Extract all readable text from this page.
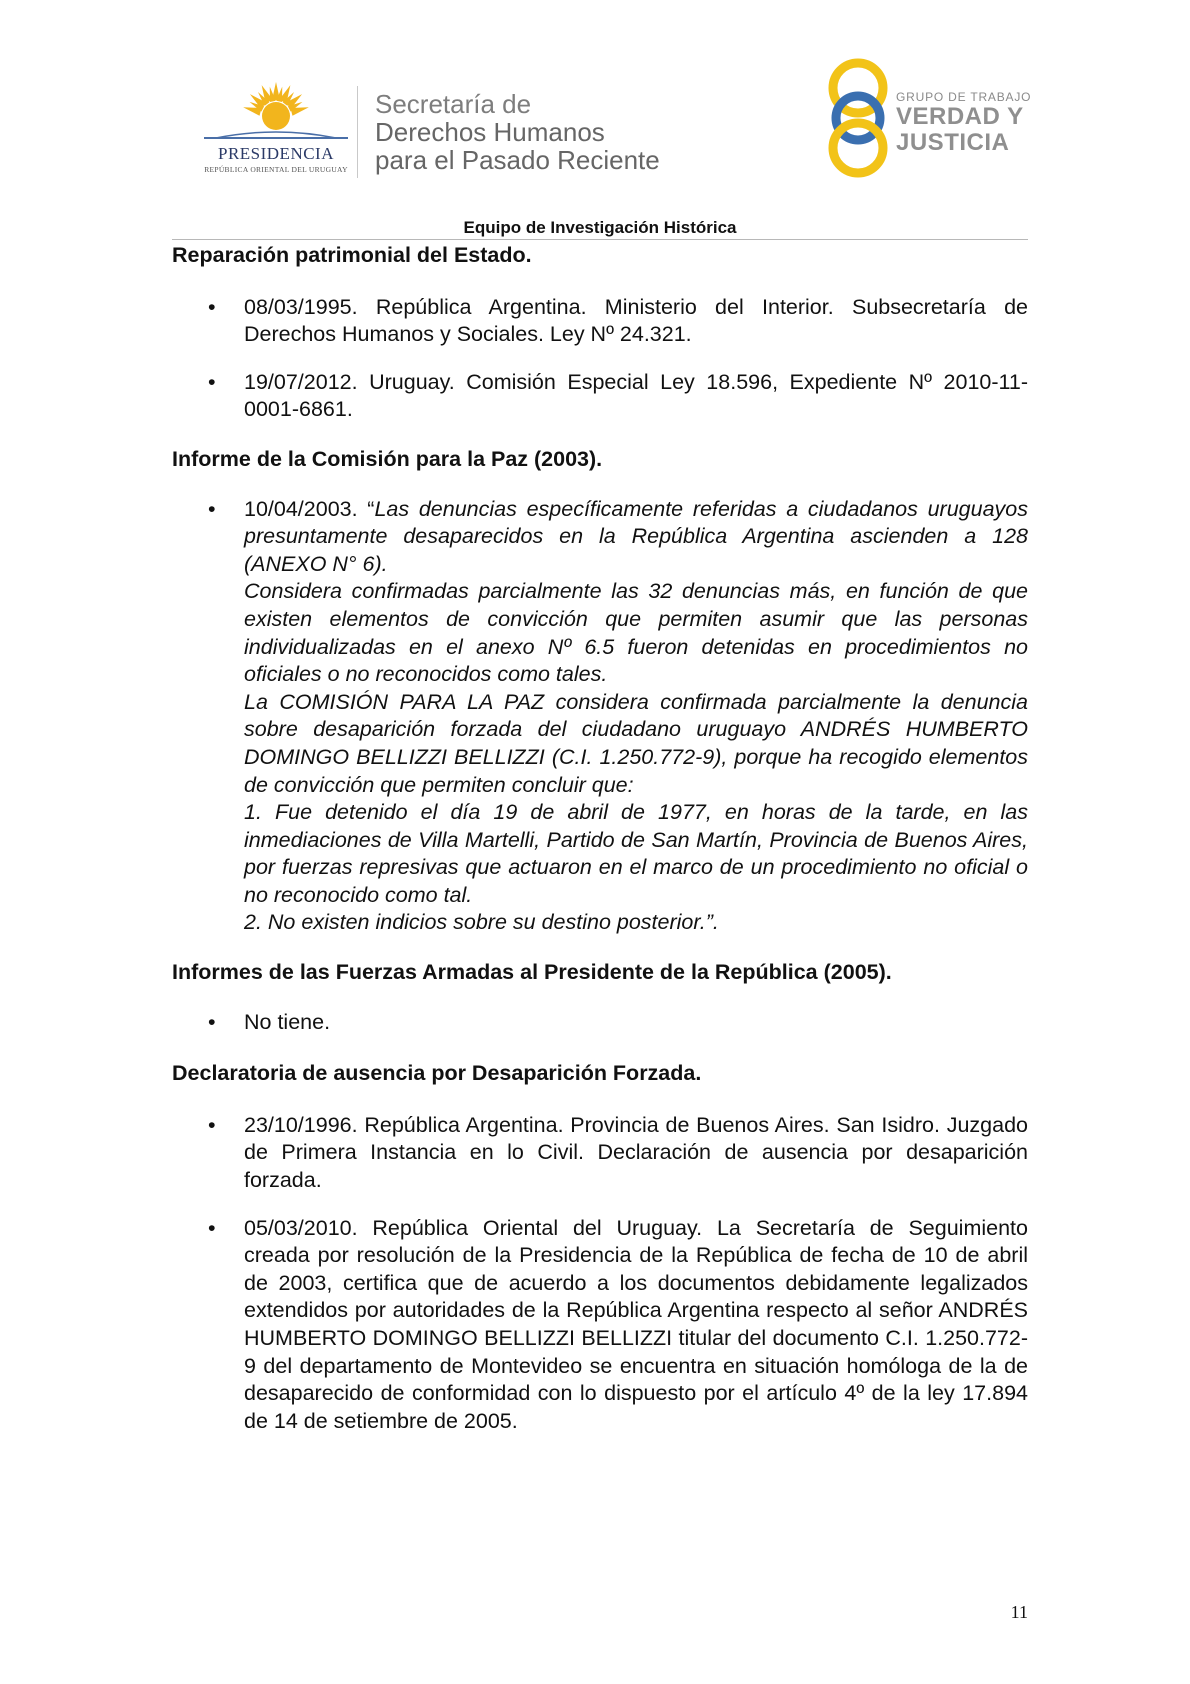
PRESIDENCIA
REPÚBLICA ORIENTAL DEL URUGUAY
Secretaría de
Derechos Humanos
para el Pasado Reciente
GRUPO DE TRABAJO
VERDAD Y
JUSTICIA
Equipo de Investigación Histórica

Reparación patrimonial del Estado.

• 08/03/1995. República Argentina. Ministerio del Interior. Subsecretaría de Derechos Humanos y Sociales. Ley Nº 24.321.
• 19/07/2012. Uruguay. Comisión Especial Ley 18.596, Expediente Nº 2010-11-0001-6861.

Informe de la Comisión para la Paz (2003).

• 10/04/2003. “Las denuncias específicamente referidas a ciudadanos uruguayos presuntamente desaparecidos en la República Argentina ascienden a 128 (ANEXO N° 6).
Considera confirmadas parcialmente las 32 denuncias más, en función de que existen elementos de convicción que permiten asumir que las personas individualizadas en el anexo Nº 6.5 fueron detenidas en procedimientos no oficiales o no reconocidos como tales.
La COMISIÓN PARA LA PAZ considera confirmada parcialmente la denuncia sobre desaparición forzada del ciudadano uruguayo ANDRÉS HUMBERTO DOMINGO BELLIZZI BELLIZZI (C.I. 1.250.772-9), porque ha recogido elementos de convicción que permiten concluir que:
1. Fue detenido el día 19 de abril de 1977, en horas de la tarde, en las inmediaciones de Villa Martelli, Partido de San Martín, Provincia de Buenos Aires, por fuerzas represivas que actuaron en el marco de un procedimiento no oficial o no reconocido como tal.
2. No existen indicios sobre su destino posterior.”.

Informes de las Fuerzas Armadas al Presidente de la República (2005).

• No tiene.

Declaratoria de ausencia por Desaparición Forzada.

• 23/10/1996. República Argentina. Provincia de Buenos Aires. San Isidro. Juzgado de Primera Instancia en lo Civil. Declaración de ausencia por desaparición forzada.
• 05/03/2010. República Oriental del Uruguay. La Secretaría de Seguimiento creada por resolución de la Presidencia de la República de fecha de 10 de abril de 2003, certifica que de acuerdo a los documentos debidamente legalizados extendidos por autoridades de la República Argentina respecto al señor ANDRÉS HUMBERTO DOMINGO BELLIZZI BELLIZZI titular del documento C.I. 1.250.772-9 del departamento de Montevideo se encuentra en situación homóloga de la de desaparecido de conformidad con lo dispuesto por el artículo 4º de la ley 17.894 de 14 de setiembre de 2005.
11
